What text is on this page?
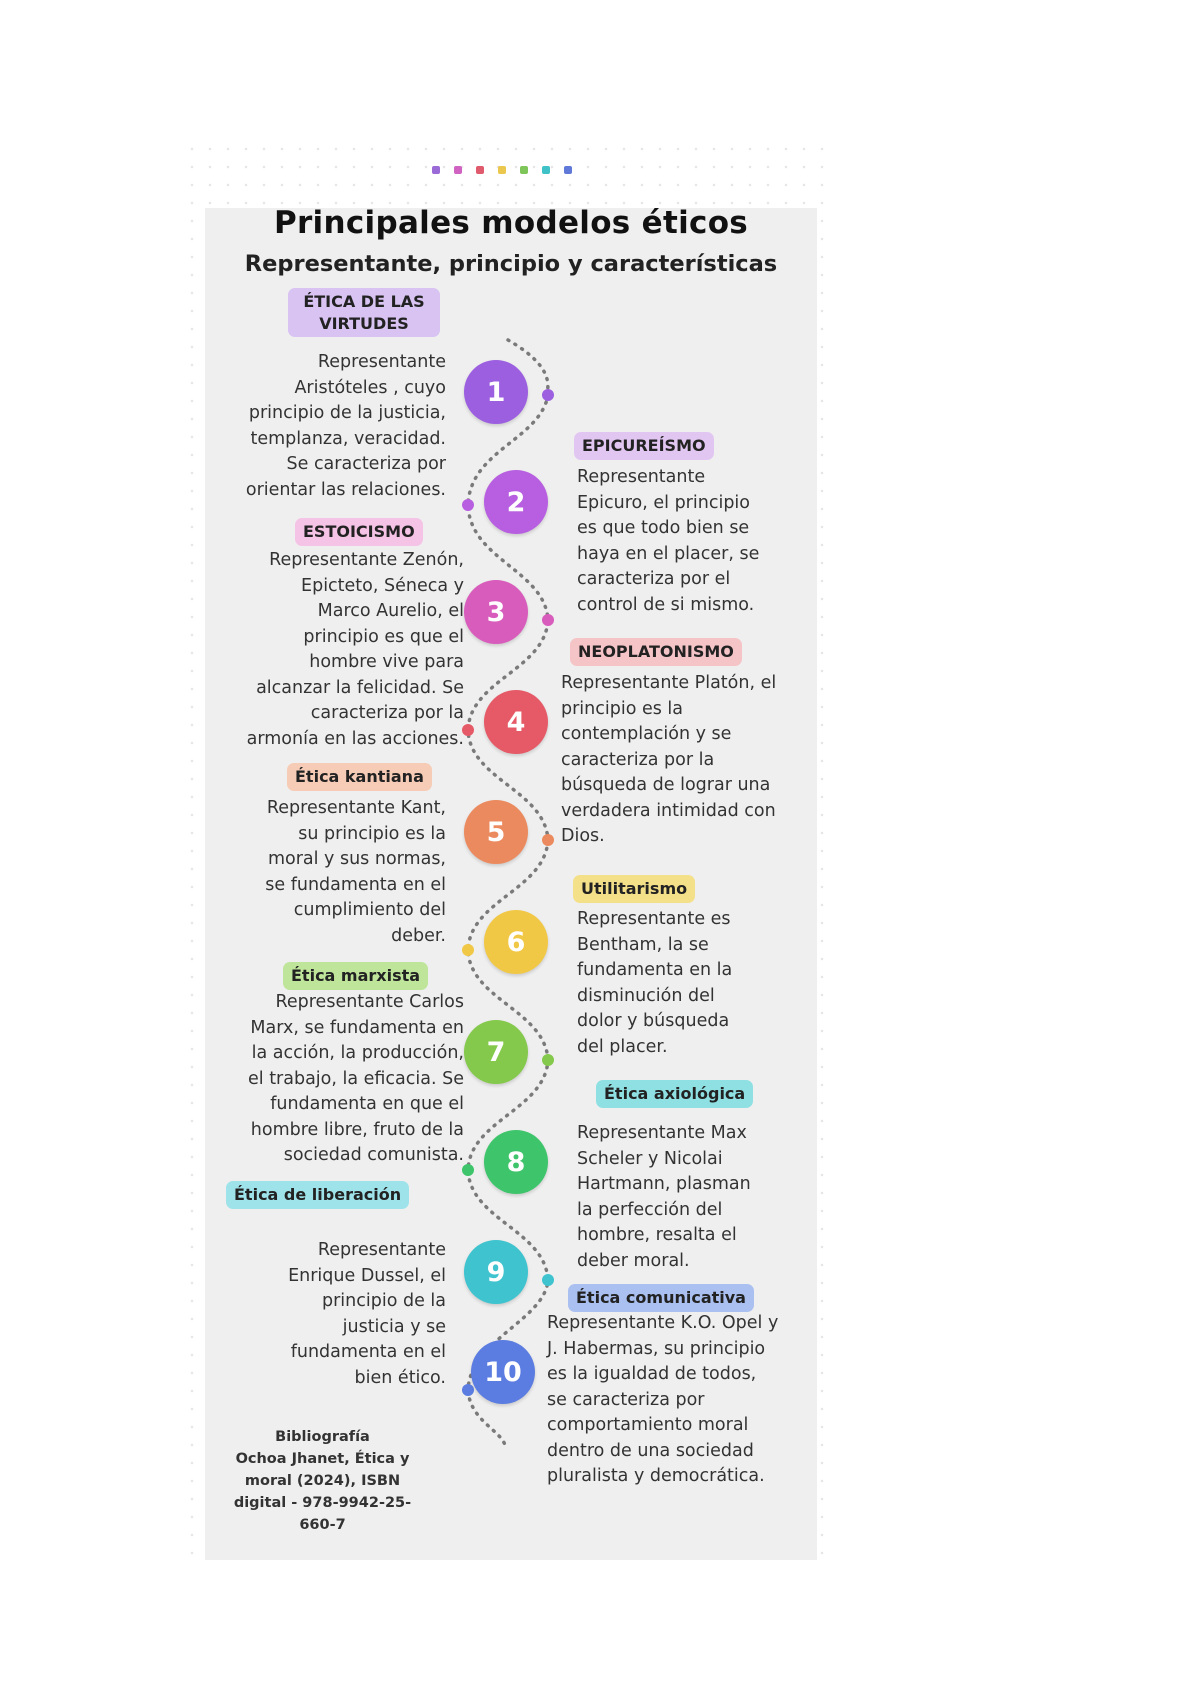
Principales modelos éticos
Representante, principio y características
1
2
3
4
5
6
7
8
9
10
ÉTICA DE LAS
VIRTUDES
Representante
Aristóteles , cuyo
principio de la justicia,
templanza, veracidad.
Se caracteriza por
orientar las relaciones.
EPICUREÍSMO
Representante
Epicuro, el principio
es que todo bien se
haya en el placer, se
caracteriza por el
control de si mismo.
ESTOICISMO
Representante Zenón,
Epicteto, Séneca y
Marco Aurelio, el
principio es que el
hombre vive para
alcanzar la felicidad. Se
caracteriza por la
armonía en las acciones.
NEOPLATONISMO
Representante Platón, el
principio es la
contemplación y se
caracteriza por la
búsqueda de lograr una
verdadera intimidad con
Dios.
Ética kantiana
Representante Kant,
su principio es la
moral y sus normas,
se fundamenta en el
cumplimiento del
deber.
Utilitarismo
Representante es
Bentham, la se
fundamenta en la
disminución del
dolor y búsqueda
del placer.
Ética marxista
Representante Carlos
Marx, se fundamenta en
la acción, la producción,
el trabajo, la eficacia. Se
fundamenta en que el
hombre libre, fruto de la
sociedad comunista.
Ética axiológica
Representante Max
Scheler y Nicolai
Hartmann, plasman
la perfección del
hombre, resalta el
deber moral.
Ética de liberación
Representante
Enrique Dussel, el
principio de la
justicia y se
fundamenta en el
bien ético.
Ética comunicativa
Representante K.O. Opel y
J. Habermas, su principio
es la igualdad de todos,
se caracteriza por
comportamiento moral
dentro de una sociedad
pluralista y democrática.
Bibliografía
Ochoa Jhanet, Ética y
moral (2024), ISBN
digital - 978-9942-25-
660-7
